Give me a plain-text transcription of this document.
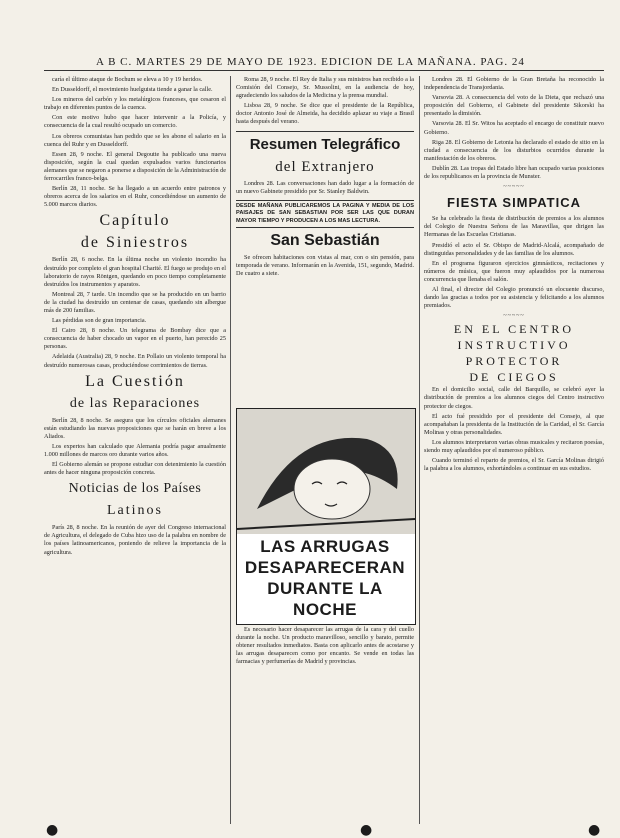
A B C. MARTES 29 DE MAYO DE 1923. EDICION DE LA MAÑANA. PAG. 24

caría el último ataque de Bochum se eleva a 10 y 19 heridos.

En Dusseldorff, el movimiento huelguista tiende a ganar la calle.

Los mineros del carbón y los metalúrgicos franceses, que cesaron el trabajo en diferentes puntos de la cuenca.

Con este motivo hubo que hacer intervenir a la Policía, y consecuencia de la cual resultó ocupado un comercio.

Los obreros comunistas han pedido que se les abone el salario en la cuenca del Ruhr y en Dusseldorff.

Essen 28, 9 noche. El general Degoutte ha publicado una nueva disposición, según la cual quedan expulsados varios funcionarios alemanes que se negaron a ponerse a disposición de la Administración de ferrocarriles franco-belga.

Berlín 28, 11 noche. Se ha llegado a un acuerdo entre patronos y obreros acerca de los salarios en el Ruhr, concediéndose un aumento de 5.000 marcos diarios.

Capítulo
de Siniestros

Berlín 28, 6 noche. En la última noche un violento incendio ha destruído por completo el gran hospital Charité. El fuego se produjo en el laboratorio de rayos Röntgen, quedando en poco tiempo completamente destruídos los instrumentos y aparatos.

Montreal 28, 7 tarde. Un incendio que se ha producido en un barrio de la ciudad ha destruído un centenar de casas, quedando sin albergue más de 200 familias.

Las pérdidas son de gran importancia.

El Cairo 28, 8 noche. Un telegrama de Bombay dice que a consecuencia de haber chocado un vapor en el puerto, han perecido 25 personas.

Adelaida (Australia) 28, 9 noche. En Pollaio un violento temporal ha destruído numerosas casas, produciéndose corrimientos de tierras.

La Cuestión
de las Reparaciones

Berlín 28, 8 noche. Se asegura que los círculos oficiales alemanes están estudiando las nuevas proposiciones que se harán en breve a los Aliados.

Los expertos han calculado que Alemania podría pagar anualmente 1.000 millones de marcos oro durante varios años.

El Gobierno alemán se propone estudiar con detenimiento la cuestión antes de hacer ninguna proposición concreta.

Noticias de los Países
Latinos

París 28, 8 noche. En la reunión de ayer del Congreso internacional de Agricultura, el delegado de Cuba hizo uso de la palabra en nombre de los países latinoamericanos, poniendo de relieve la importancia de la agricultura.

Roma 28, 9 noche. El Rey de Italia y sus ministros han recibido a la Comisión del Consejo, Sr. Mussolini, en la audiencia de hoy, agradeciendo los saludos de la Medicina y la prensa mundial.

Lisboa 28, 9 noche. Se dice que el presidente de la República, doctor Antonio José de Almeida, ha decidido aplazar su viaje a Brasil hasta después del verano.

Resumen Telegráfico
del Extranjero

Londres 28. Las conversaciones han dado lugar a la formación de un nuevo Gabinete presidido por Sr. Stanley Baldwin.

DESDE MAÑANA PUBLICAREMOS LA PAGINA Y MEDIA DE LOS PAISAJES DE SAN SEBASTIAN POR SER LAS QUE DURAN MAYOR TIEMPO Y PRODUCEN A LOS MAS LECTURA.
San Sebastián

Se ofrecen habitaciones con vistas al mar, con o sin pensión, para temporada de verano. Informarán en la Avenida, 151, segundo, Madrid. De cuatro a siete.

LAS ARRUGAS
DESAPARECERAN
DURANTE LA
NOCHE

Es necesario hacer desaparecer las arrugas de la cara y del cuello durante la noche. Un producto maravilloso, sencillo y barato, permite obtener resultados inmediatos. Basta con aplicarlo antes de acostarse y las arrugas desaparecen como por encanto. Se vende en todas las farmacias y perfumerías de Madrid y provincias.

Londres 28. El Gobierno de la Gran Bretaña ha reconocido la independencia de Transjordania.

Varsovia 28. A consecuencia del voto de la Dieta, que rechazó una proposición del Gobierno, el Gabinete del presidente Sikorski ha presentado la dimisión.

Varsovia 28. El Sr. Witos ha aceptado el encargo de constituir nuevo Gobierno.

Riga 28. El Gobierno de Letonia ha declarado el estado de sitio en la ciudad a consecuencia de los disturbios ocurridos durante la manifestación de los obreros.

Dublín 28. Las tropas del Estado libre han ocupado varias posiciones de los republicanos en la provincia de Munster.

~~~~~
FIESTA SIMPATICA

Se ha celebrado la fiesta de distribución de premios a los alumnos del Colegio de Nuestra Señora de las Maravillas, que dirigen las Hermanas de las Escuelas Cristianas.

Presidió el acto el Sr. Obispo de Madrid-Alcalá, acompañado de distinguidas personalidades y de las familias de los alumnos.

En el programa figuraron ejercicios gimnásticos, recitaciones y números de música, que fueron muy aplaudidos por la numerosa concurrencia que llenaba el salón.

Al final, el director del Colegio pronunció un elocuente discurso, dando las gracias a todos por su asistencia y felicitando a los alumnos premiados.

~~~~~
EN EL CENTRO
INSTRUCTIVO
PROTECTOR
DE CIEGOS

En el domicilio social, calle del Barquillo, se celebró ayer la distribución de premios a los alumnos ciegos del Centro instructivo protector de ciegos.

El acto fué presidido por el presidente del Consejo, al que acompañaban la presidenta de la Institución de la Caridad, el Sr. García Molinas y otras personalidades.

Los alumnos interpretaron varias obras musicales y recitaron poesías, siendo muy aplaudidos por el numeroso público.

Cuando terminó el reparto de premios, el Sr. García Molinas dirigió la palabra a los alumnos, exhortándoles a continuar en sus estudios.

●	●	●
